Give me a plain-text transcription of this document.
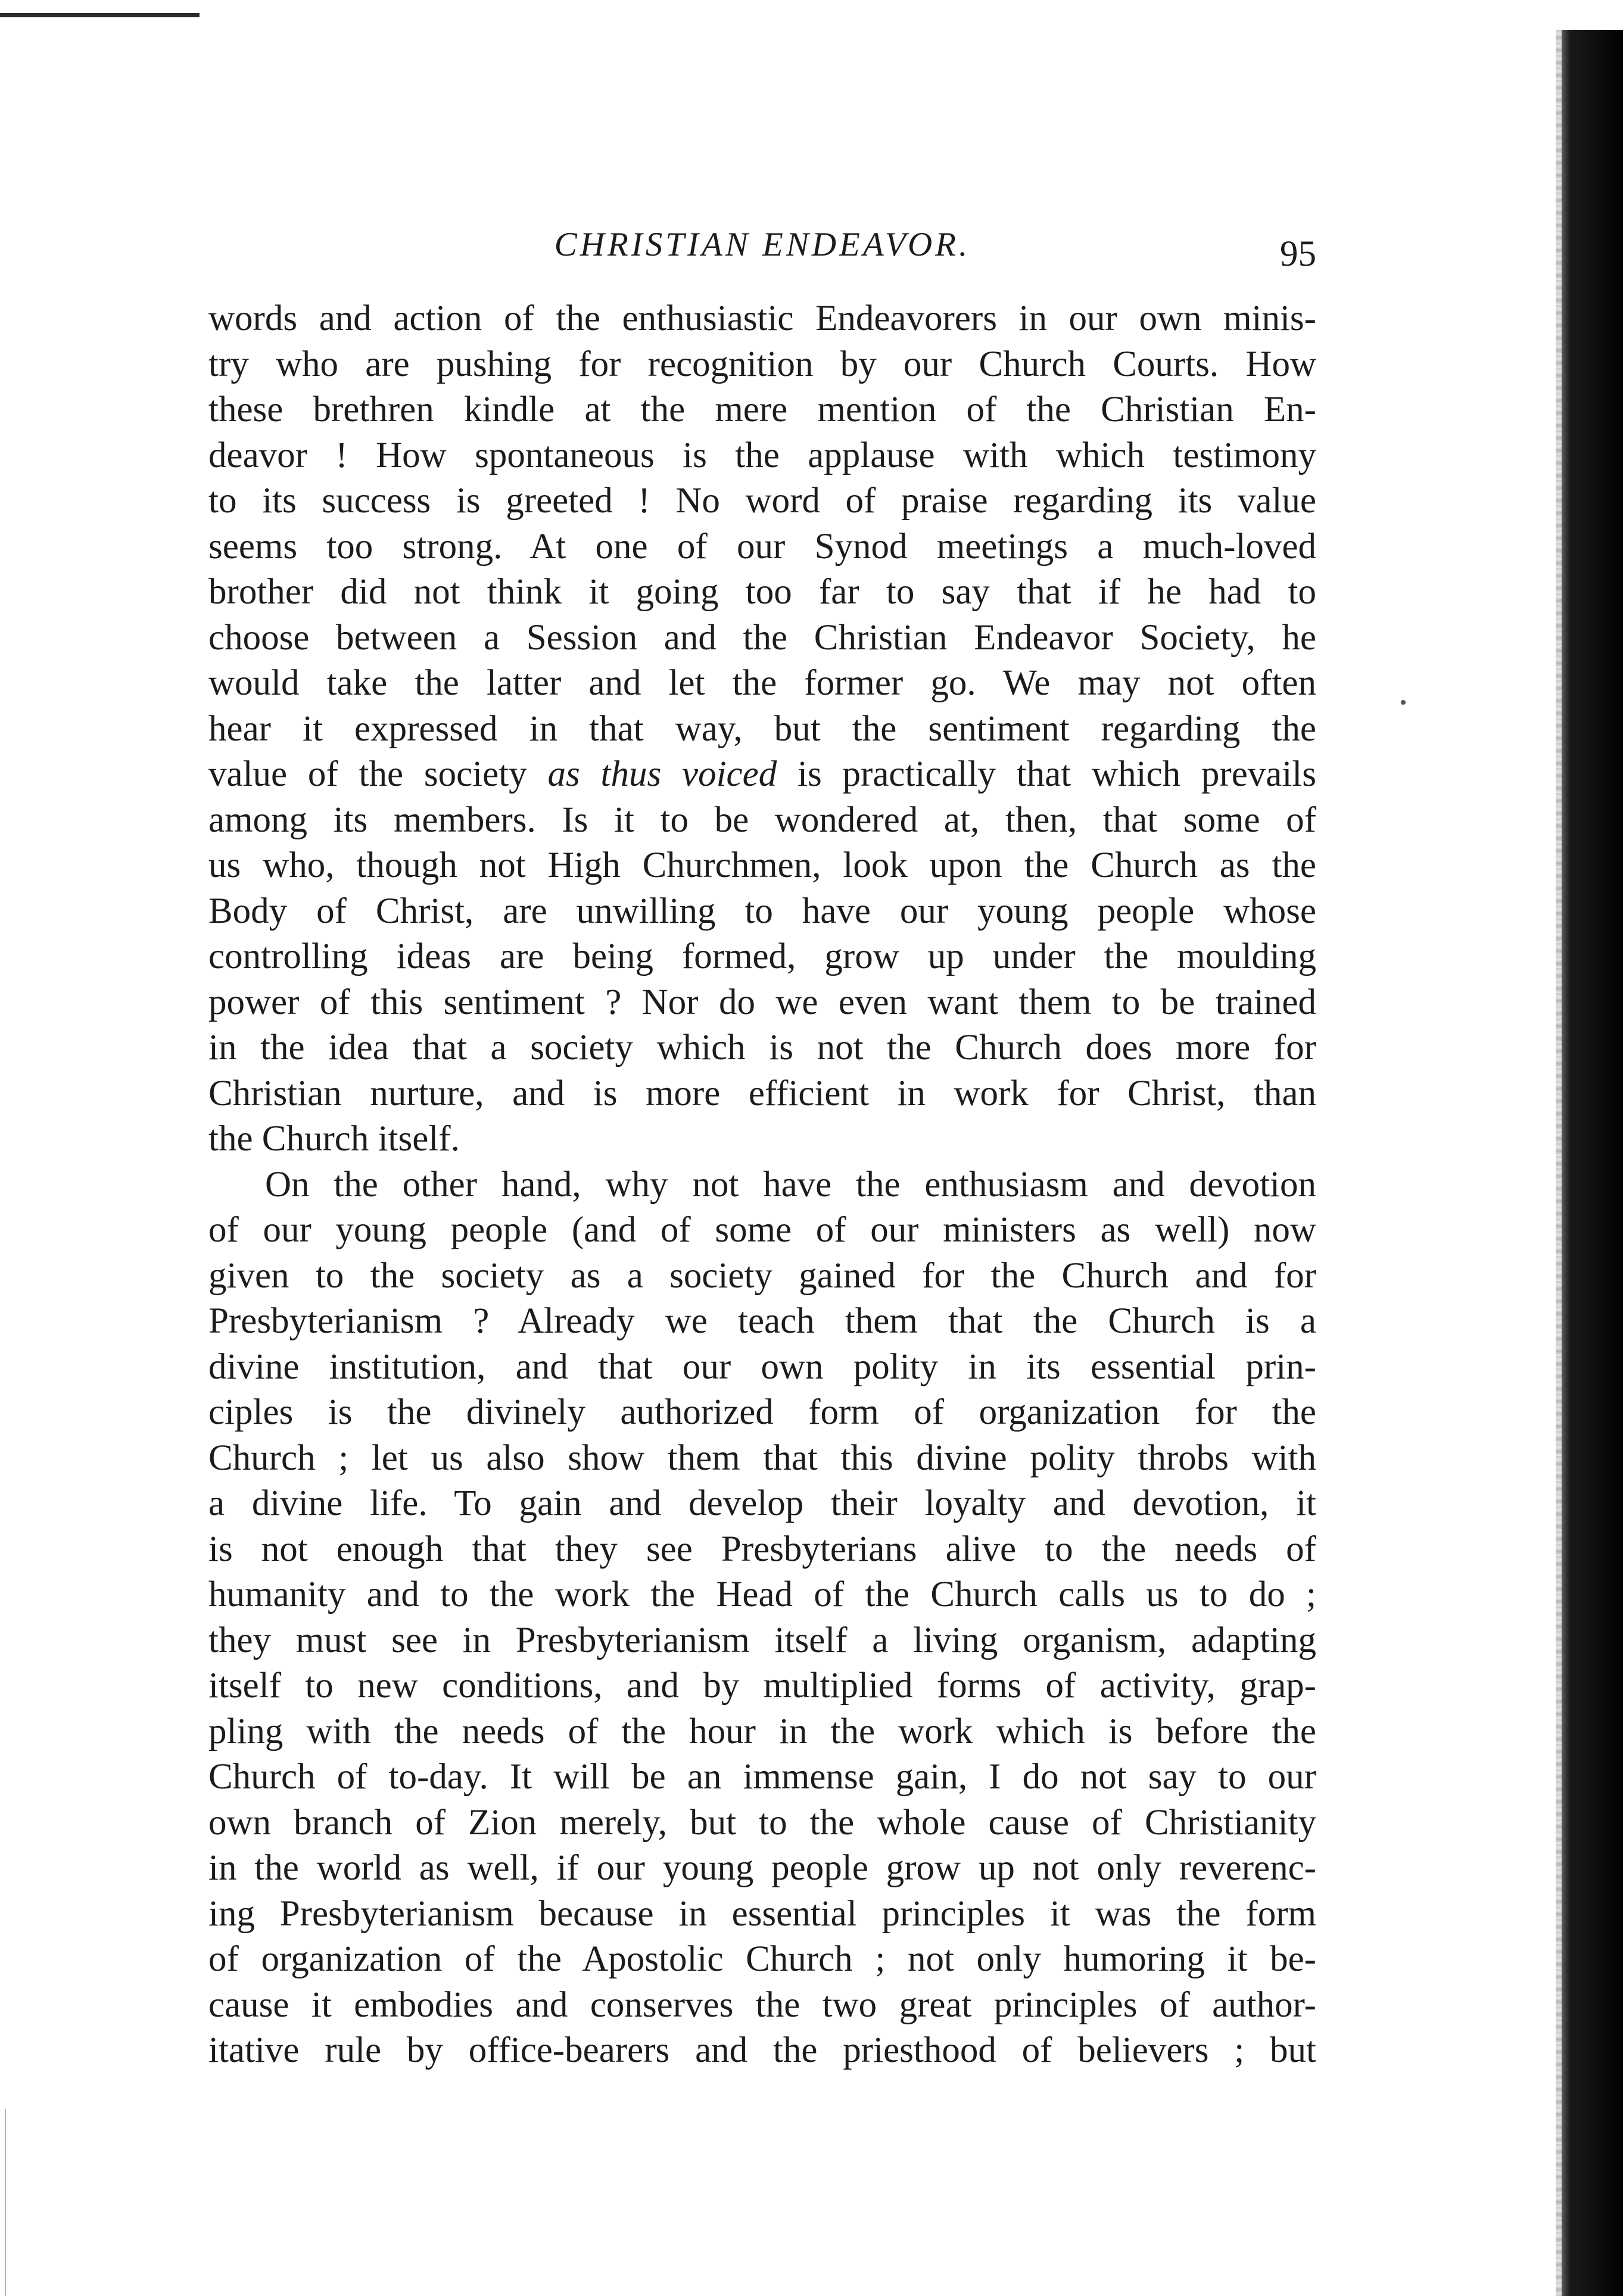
CHRISTIAN ENDEAVOR.	95
words and action of the enthusiastic Endeavorers in our own minis-
try who are pushing for recognition by our Church Courts. How
these brethren kindle at the mere mention of the Christian En-
deavor ! How spontaneous is the applause with which testimony
to its success is greeted ! No word of praise regarding its value
seems too strong. At one of our Synod meetings a much-loved
brother did not think it going too far to say that if he had to
choose between a Session and the Christian Endeavor Society, he
would take the latter and let the former go. We may not often
hear it expressed in that way, but the sentiment regarding the
value of the society as thus voiced is practically that which prevails
among its members. Is it to be wondered at, then, that some of
us who, though not High Churchmen, look upon the Church as the
Body of Christ, are unwilling to have our young people whose
controlling ideas are being formed, grow up under the moulding
power of this sentiment ? Nor do we even want them to be trained
in the idea that a society which is not the Church does more for
Christian nurture, and is more efficient in work for Christ, than
the Church itself.
On the other hand, why not have the enthusiasm and devotion
of our young people (and of some of our ministers as well) now
given to the society as a society gained for the Church and for
Presbyterianism ? Already we teach them that the Church is a
divine institution, and that our own polity in its essential prin-
ciples is the divinely authorized form of organization for the
Church ; let us also show them that this divine polity throbs with
a divine life. To gain and develop their loyalty and devotion, it
is not enough that they see Presbyterians alive to the needs of
humanity and to the work the Head of the Church calls us to do ;
they must see in Presbyterianism itself a living organism, adapting
itself to new conditions, and by multiplied forms of activity, grap-
pling with the needs of the hour in the work which is before the
Church of to-day. It will be an immense gain, I do not say to our
own branch of Zion merely, but to the whole cause of Christianity
in the world as well, if our young people grow up not only reverenc-
ing Presbyterianism because in essential principles it was the form
of organization of the Apostolic Church ; not only humoring it be-
cause it embodies and conserves the two great principles of author-
itative rule by office-bearers and the priesthood of believers ; but
